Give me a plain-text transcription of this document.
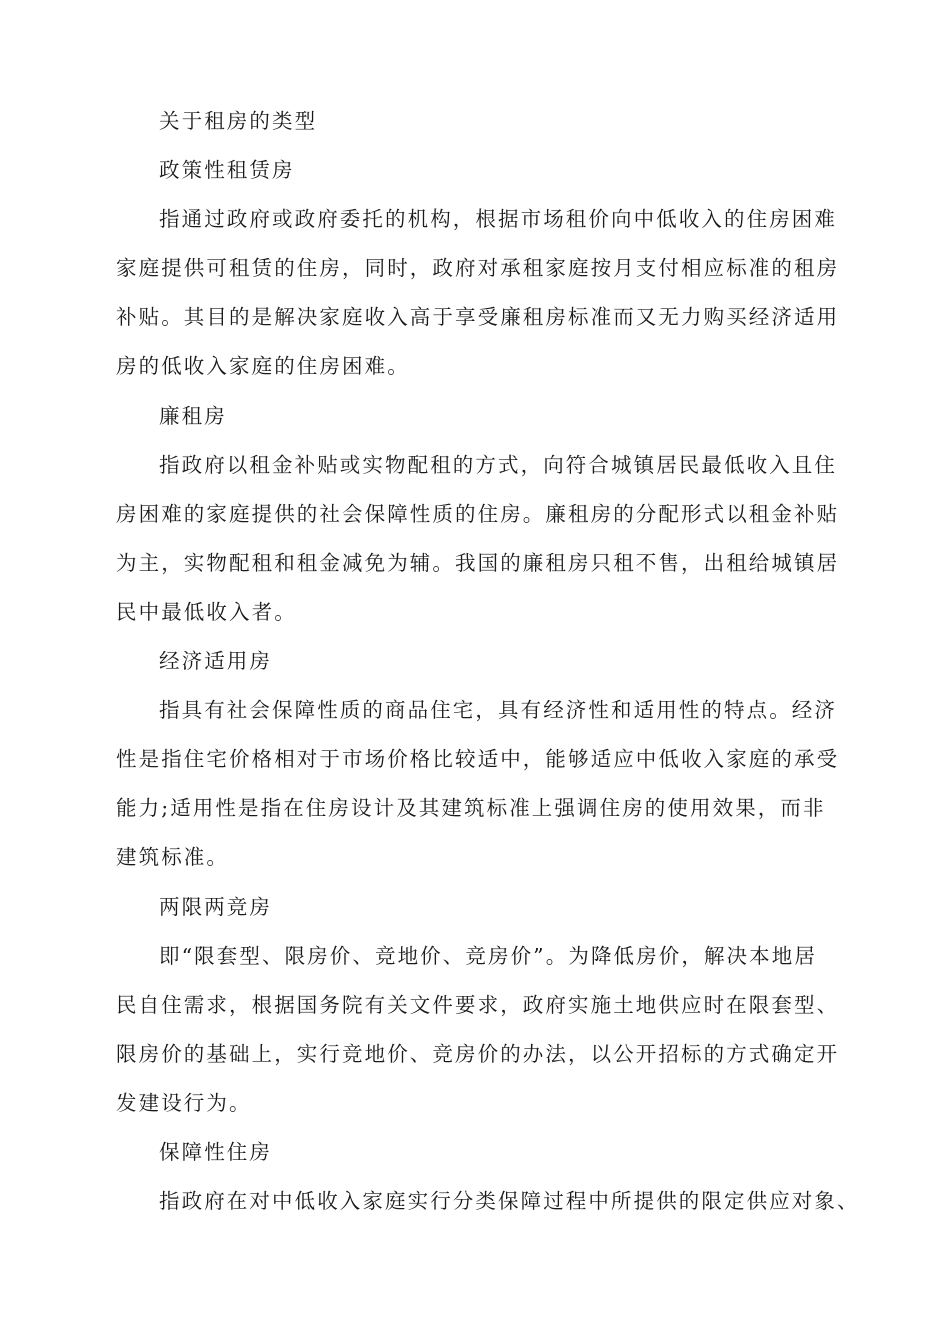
关于租房的类型
政策性租赁房
指通过政府或政府委托的机构，根据市场租价向中低收入的住房困难
家庭提供可租赁的住房，同时，政府对承租家庭按月支付相应标准的租房
补贴。其目的是解决家庭收入高于享受廉租房标准而又无力购买经济适用
房的低收入家庭的住房困难。
廉租房
指政府以租金补贴或实物配租的方式，向符合城镇居民最低收入且住
房困难的家庭提供的社会保障性质的住房。廉租房的分配形式以租金补贴
为主，实物配租和租金减免为辅。我国的廉租房只租不售，出租给城镇居
民中最低收入者。
经济适用房
指具有社会保障性质的商品住宅，具有经济性和适用性的特点。经济
性是指住宅价格相对于市场价格比较适中，能够适应中低收入家庭的承受
能力;适用性是指在住房设计及其建筑标准上强调住房的使用效果，而非
建筑标准。
两限两竞房
即“限套型、限房价、竞地价、竞房价”。为降低房价，解决本地居
民自住需求，根据国务院有关文件要求，政府实施土地供应时在限套型、
限房价的基础上，实行竞地价、竞房价的办法，以公开招标的方式确定开
发建设行为。
保障性住房
指政府在对中低收入家庭实行分类保障过程中所提供的限定供应对象、
